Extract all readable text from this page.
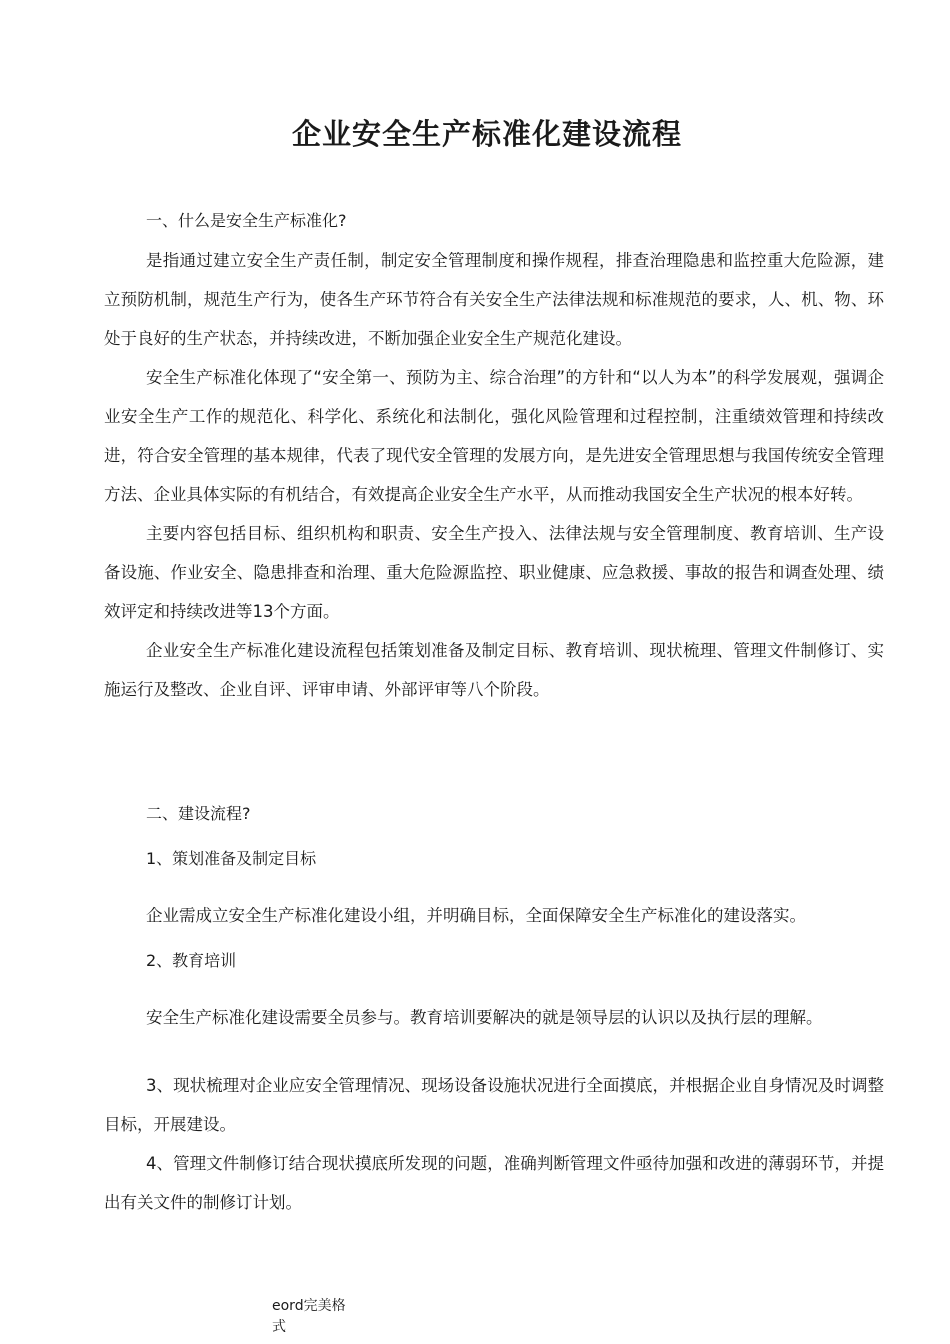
企业安全生产标准化建设流程
一、什么是安全生产标准化?

是指通过建立安全生产责任制，制定安全管理制度和操作规程，排查治理隐患和监控重大危险源，建立预防机制，规范生产行为，使各生产环节符合有关安全生产法律法规和标准规范的要求，人、机、物、环处于良好的生产状态，并持续改进，不断加强企业安全生产规范化建设。

安全生产标准化体现了“安全第一、预防为主、综合治理”的方针和“以人为本”的科学发展观，强调企业安全生产工作的规范化、科学化、系统化和法制化，强化风险管理和过程控制，注重绩效管理和持续改进，符合安全管理的基本规律，代表了现代安全管理的发展方向，是先进安全管理思想与我国传统安全管理方法、企业具体实际的有机结合，有效提高企业安全生产水平，从而推动我国安全生产状况的根本好转。

主要内容包括目标、组织机构和职责、安全生产投入、法律法规与安全管理制度、教育培训、生产设备设施、作业安全、隐患排查和治理、重大危险源监控、职业健康、应急救援、事故的报告和调查处理、绩效评定和持续改进等13个方面。

企业安全生产标准化建设流程包括策划准备及制定目标、教育培训、现状梳理、管理文件制修订、实施运行及整改、企业自评、评审申请、外部评审等八个阶段。

二、建设流程?
1、策划准备及制定目标
企业需成立安全生产标准化建设小组，并明确目标，全面保障安全生产标准化的建设落实。
2、教育培训
安全生产标准化建设需要全员参与。教育培训要解决的就是领导层的认识以及执行层的理解。

3、现状梳理对企业应安全管理情况、现场设备设施状况进行全面摸底，并根据企业自身情况及时调整目标，开展建设。

4、管理文件制修订结合现状摸底所发现的问题，准确判断管理文件亟待加强和改进的薄弱环节，并提出有关文件的制修订计划。

eord完美格式
